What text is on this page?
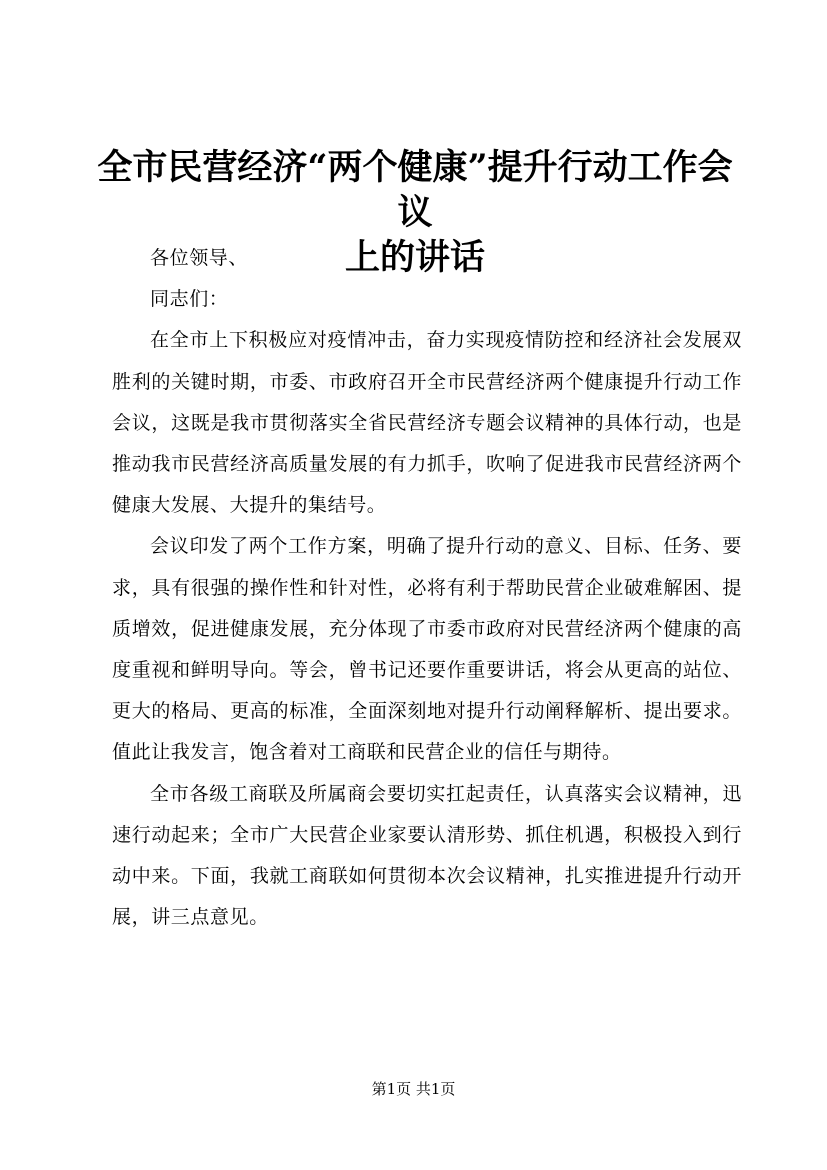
全市民营经济“两个健康”提升行动工作会议
上的讲话

各位领导、

同志们：

在全市上下积极应对疫情冲击，奋力实现疫情防控和经济社会发展双胜利的关键时期，市委、市政府召开全市民营经济两个健康提升行动工作会议，这既是我市贯彻落实全省民营经济专题会议精神的具体行动，也是推动我市民营经济高质量发展的有力抓手，吹响了促进我市民营经济两个健康大发展、大提升的集结号。

会议印发了两个工作方案，明确了提升行动的意义、目标、任务、要求，具有很强的操作性和针对性，必将有利于帮助民营企业破难解困、提质增效，促进健康发展，充分体现了市委市政府对民营经济两个健康的高度重视和鲜明导向。等会，曾书记还要作重要讲话，将会从更高的站位、更大的格局、更高的标准，全面深刻地对提升行动阐释解析、提出要求。值此让我发言，饱含着对工商联和民营企业的信任与期待。

全市各级工商联及所属商会要切实扛起责任，认真落实会议精神，迅速行动起来；全市广大民营企业家要认清形势、抓住机遇，积极投入到行动中来。下面，我就工商联如何贯彻本次会议精神，扎实推进提升行动开展，讲三点意见。

第1页 共1页
